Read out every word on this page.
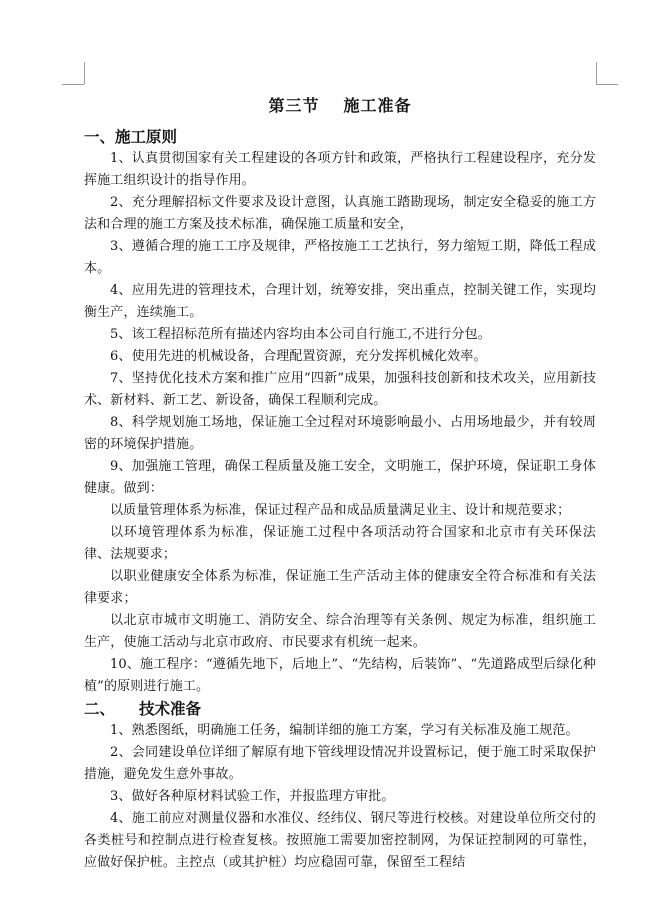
第三节 施工准备
一、施工原则

1、认真贯彻国家有关工程建设的各项方针和政策，严格执行工程建设程序，充分发挥施工组织设计的指导作用。

2、充分理解招标文件要求及设计意图，认真施工踏勘现场，制定安全稳妥的施工方法和合理的施工方案及技术标准，确保施工质量和安全，

3、遵循合理的施工工序及规律，严格按施工工艺执行，努力缩短工期，降低工程成本。

4、应用先进的管理技术，合理计划，统筹安排，突出重点，控制关键工作，实现均衡生产，连续施工。

5、该工程招标范所有描述内容均由本公司自行施工,不进行分包。

6、使用先进的机械设备，合理配置资源，充分发挥机械化效率。

7、坚持优化技术方案和推广应用“四新”成果，加强科技创新和技术攻关，应用新技术、新材料、新工艺、新设备，确保工程顺利完成。

8、科学规划施工场地，保证施工全过程对环境影响最小、占用场地最少，并有较周密的环境保护措施。

9、加强施工管理，确保工程质量及施工安全，文明施工，保护环境，保证职工身体健康。做到：

以质量管理体系为标准，保证过程产品和成品质量满足业主、设计和规范要求；

以环境管理体系为标准，保证施工过程中各项活动符合国家和北京市有关环保法律、法规要求；

以职业健康安全体系为标准，保证施工生产活动主体的健康安全符合标准和有关法律要求；

以北京市城市文明施工、消防安全、综合治理等有关条例、规定为标准，组织施工生产，使施工活动与北京市政府、市民要求有机统一起来。

10、施工程序：“遵循先地下，后地上”、“先结构，后装饰”、“先道路成型后绿化种植”的原则进行施工。

二、 技术准备

1、熟悉图纸，明确施工任务，编制详细的施工方案，学习有关标准及施工规范。

2、会同建设单位详细了解原有地下管线埋设情况并设置标记，便于施工时采取保护措施，避免发生意外事故。

3、做好各种原材料试验工作，并报监理方审批。

4、施工前应对测量仪器和水准仪、经纬仪、钢尺等进行校核。对建设单位所交付的各类桩号和控制点进行检查复核。按照施工需要加密控制网，为保证控制网的可靠性，应做好保护桩。主控点（或其护桩）均应稳固可靠，保留至工程结
